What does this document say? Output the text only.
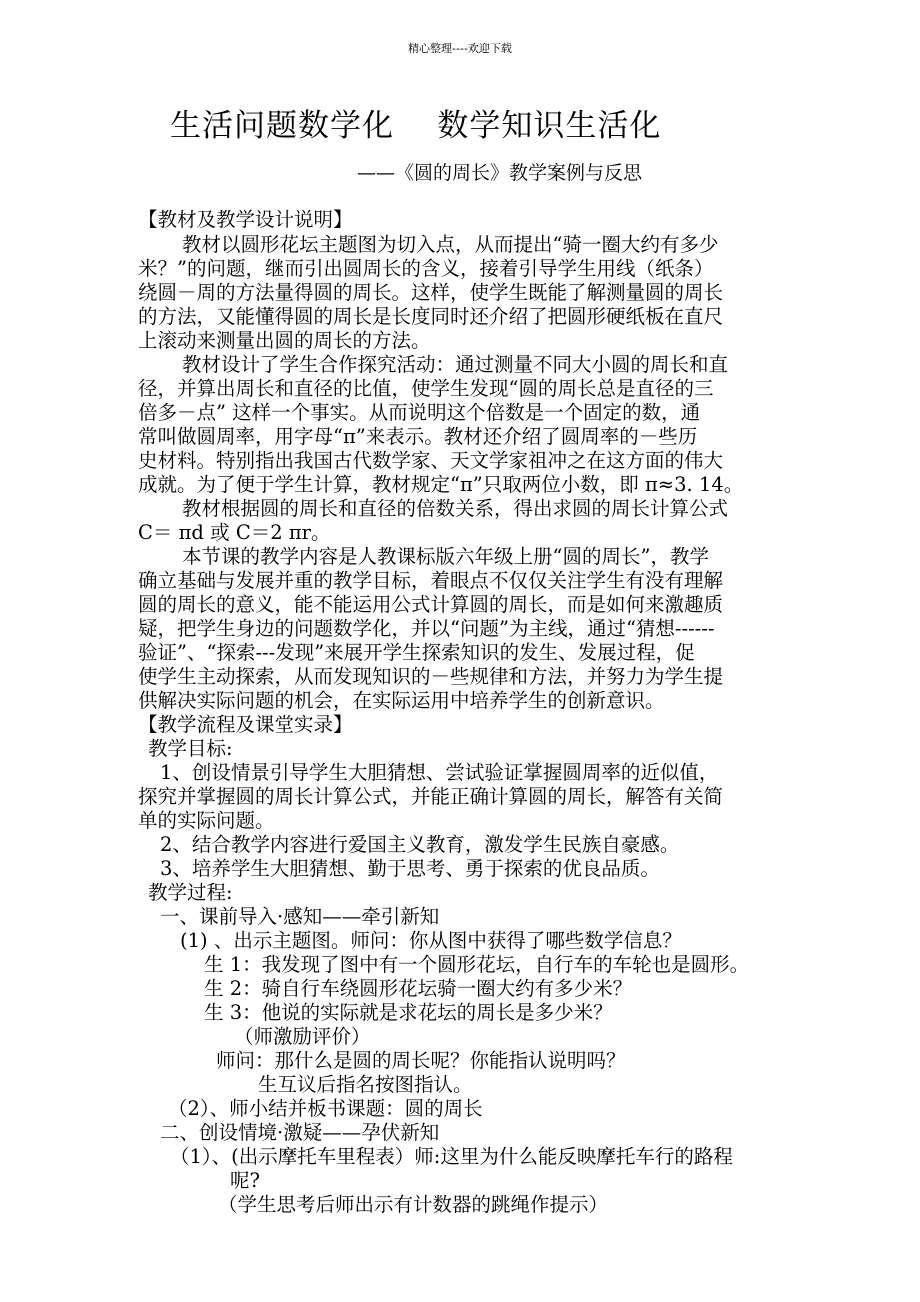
精心整理----欢迎下载
生活问题数学化    数学知识生活化
——《圆的周长》教学案例与反思
【教材及教学设计说明】
教材以圆形花坛主题图为切入点，从而提出“骑一圈大约有多少
米？”的问题，继而引出圆周长的含义，接着引导学生用线（纸条）
绕圆－周的方法量得圆的周长。这样，使学生既能了解测量圆的周长
的方法，又能懂得圆的周长是长度同时还介绍了把圆形硬纸板在直尺
上滚动来测量出圆的周长的方法。
教材设计了学生合作探究活动：通过测量不同大小圆的周长和直
径，并算出周长和直径的比值，使学生发现“圆的周长总是直径的三
倍多－点” 这样一个事实。从而说明这个倍数是一个固定的数，通
常叫做圆周率，用字母“π”来表示。教材还介绍了圆周率的－些历
史材料。特别指出我国古代数学家、天文学家祖冲之在这方面的伟大
成就。为了便于学生计算，教材规定“π”只取两位小数，即 π≈3. 14。
教材根据圆的周长和直径的倍数关系，得出求圆的周长计算公式
C＝ πd 或 C＝2 πr。
本节课的教学内容是人教课标版六年级上册“圆的周长”，教学
确立基础与发展并重的教学目标，着眼点不仅仅关注学生有没有理解
圆的周长的意义，能不能运用公式计算圆的周长，而是如何来激趣质
疑，把学生身边的问题数学化，并以“问题”为主线，通过“猜想------
验证”、“探索---发现”来展开学生探索知识的发生、发展过程，促
使学生主动探索，从而发现知识的－些规律和方法，并努力为学生提
供解决实际问题的机会，在实际运用中培养学生的创新意识。
【教学流程及课堂实录】
教学目标:
1、创设情景引导学生大胆猜想、尝试验证掌握圆周率的近似值，
探究并掌握圆的周长计算公式，并能正确计算圆的周长，解答有关简
单的实际问题。
2、结合教学内容进行爱国主义教育，激发学生民族自豪感。
3、培养学生大胆猜想、勤于思考、勇于探索的优良品质。
教学过程:
一、课前导入·感知——牵引新知
(1) 、出示主题图。师问：你从图中获得了哪些数学信息？
生 1：我发现了图中有一个圆形花坛，自行车的车轮也是圆形。
生 2：骑自行车绕圆形花坛骑一圈大约有多少米？
生 3：他说的实际就是求花坛的周长是多少米？
（师激励评价）
师问：那什么是圆的周长呢？你能指认说明吗？
生互议后指名按图指认。
（2）、师小结并板书课题：圆的周长
二、创设情境·激疑——孕伏新知
（1）、(出示摩托车里程表）师:这里为什么能反映摩托车行的路程
呢?
（学生思考后师出示有计数器的跳绳作提示）
